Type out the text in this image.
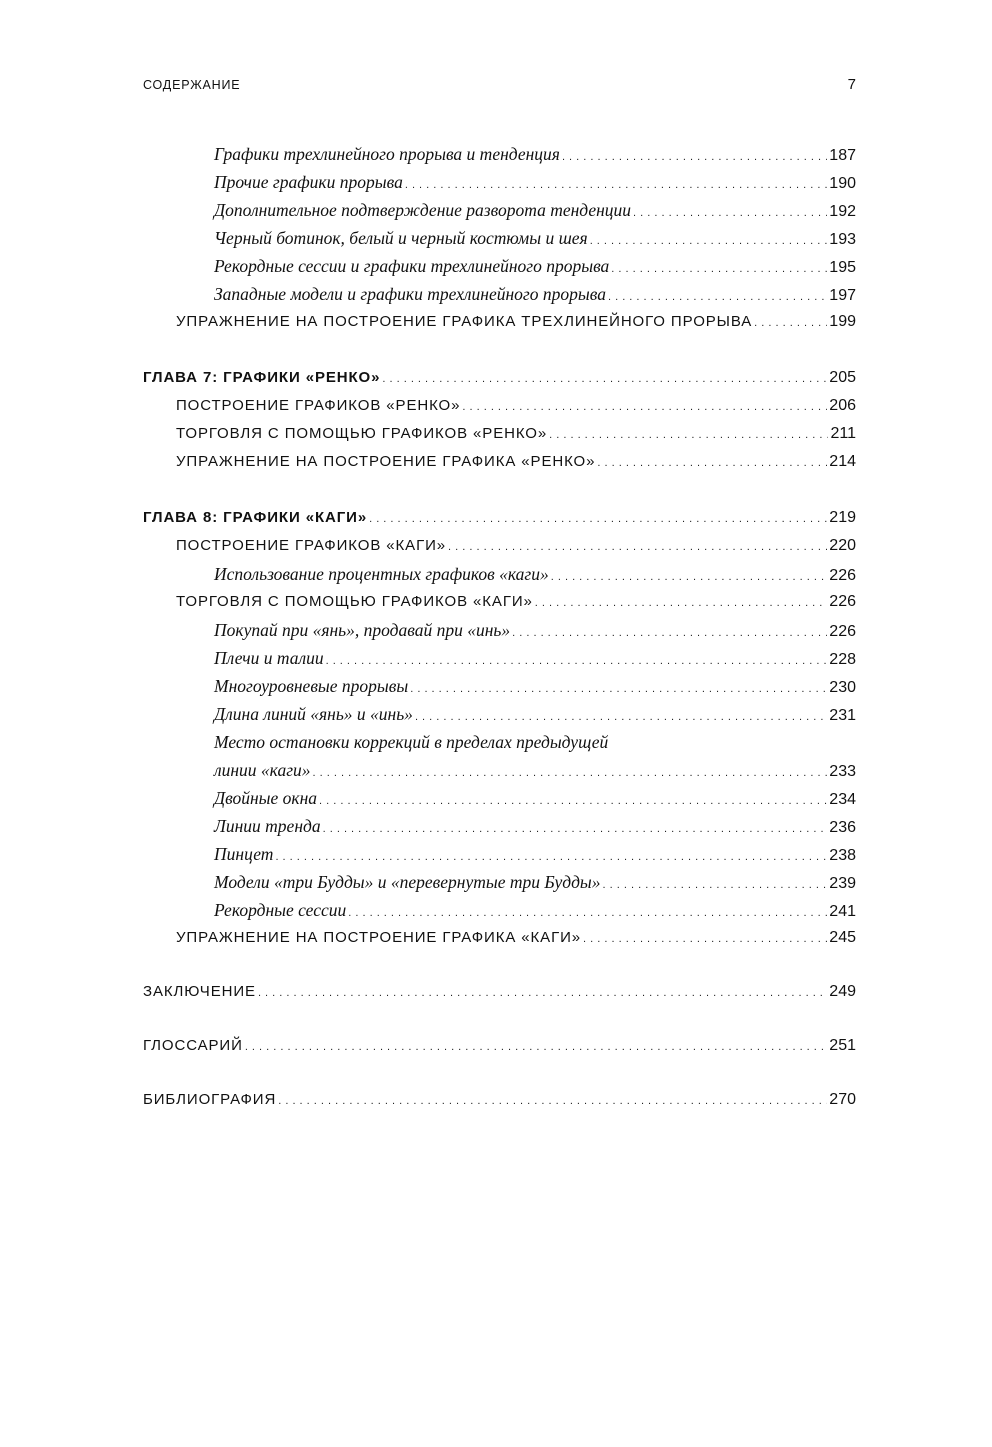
СОДЕРЖАНИЕ	7
Графики трехлинейного прорыва и тенденция . . .	187
Прочие графики прорыва . . .	190
Дополнительное подтверждение разворота тенденции . . .	192
Черный ботинок, белый и черный костюмы и шея . . .	193
Рекордные сессии и графики трехлинейного прорыва . . .	195
Западные модели и графики трехлинейного прорыва . . .	197
УПРАЖНЕНИЕ НА ПОСТРОЕНИЕ ГРАФИКА ТРЕХЛИНЕЙНОГО ПРОРЫВА . . .	199
ГЛАВА 7: ГРАФИКИ «РЕНКО» . . .	205
ПОСТРОЕНИЕ ГРАФИКОВ «РЕНКО» . . .	206
ТОРГОВЛЯ С ПОМОЩЬЮ ГРАФИКОВ «РЕНКО» . . .	211
УПРАЖНЕНИЕ НА ПОСТРОЕНИЕ ГРАФИКА «РЕНКО» . . .	214
ГЛАВА 8: ГРАФИКИ «КАГИ» . . .	219
ПОСТРОЕНИЕ ГРАФИКОВ «КАГИ» . . .	220
Использование процентных графиков «каги» . . .	226
ТОРГОВЛЯ С ПОМОЩЬЮ ГРАФИКОВ «КАГИ» . . .	226
Покупай при «янь», продавай при «инь» . . .	226
Плечи и талии . . .	228
Многоуровневые прорывы . . .	230
Длина линий «янь» и «инь» . . .	231
Место остановки коррекций в пределах предыдущей
линии «каги» . . .	233
Двойные окна . . .	234
Линии тренда . . .	236
Пинцет . . .	238
Модели «три Будды» и «перевернутые три Будды» . . .	239
Рекордные сессии . . .	241
УПРАЖНЕНИЕ НА ПОСТРОЕНИЕ ГРАФИКА «КАГИ» . . .	245
ЗАКЛЮЧЕНИЕ . . .	249
ГЛОССАРИЙ . . .	251
БИБЛИОГРАФИЯ . . .	270
